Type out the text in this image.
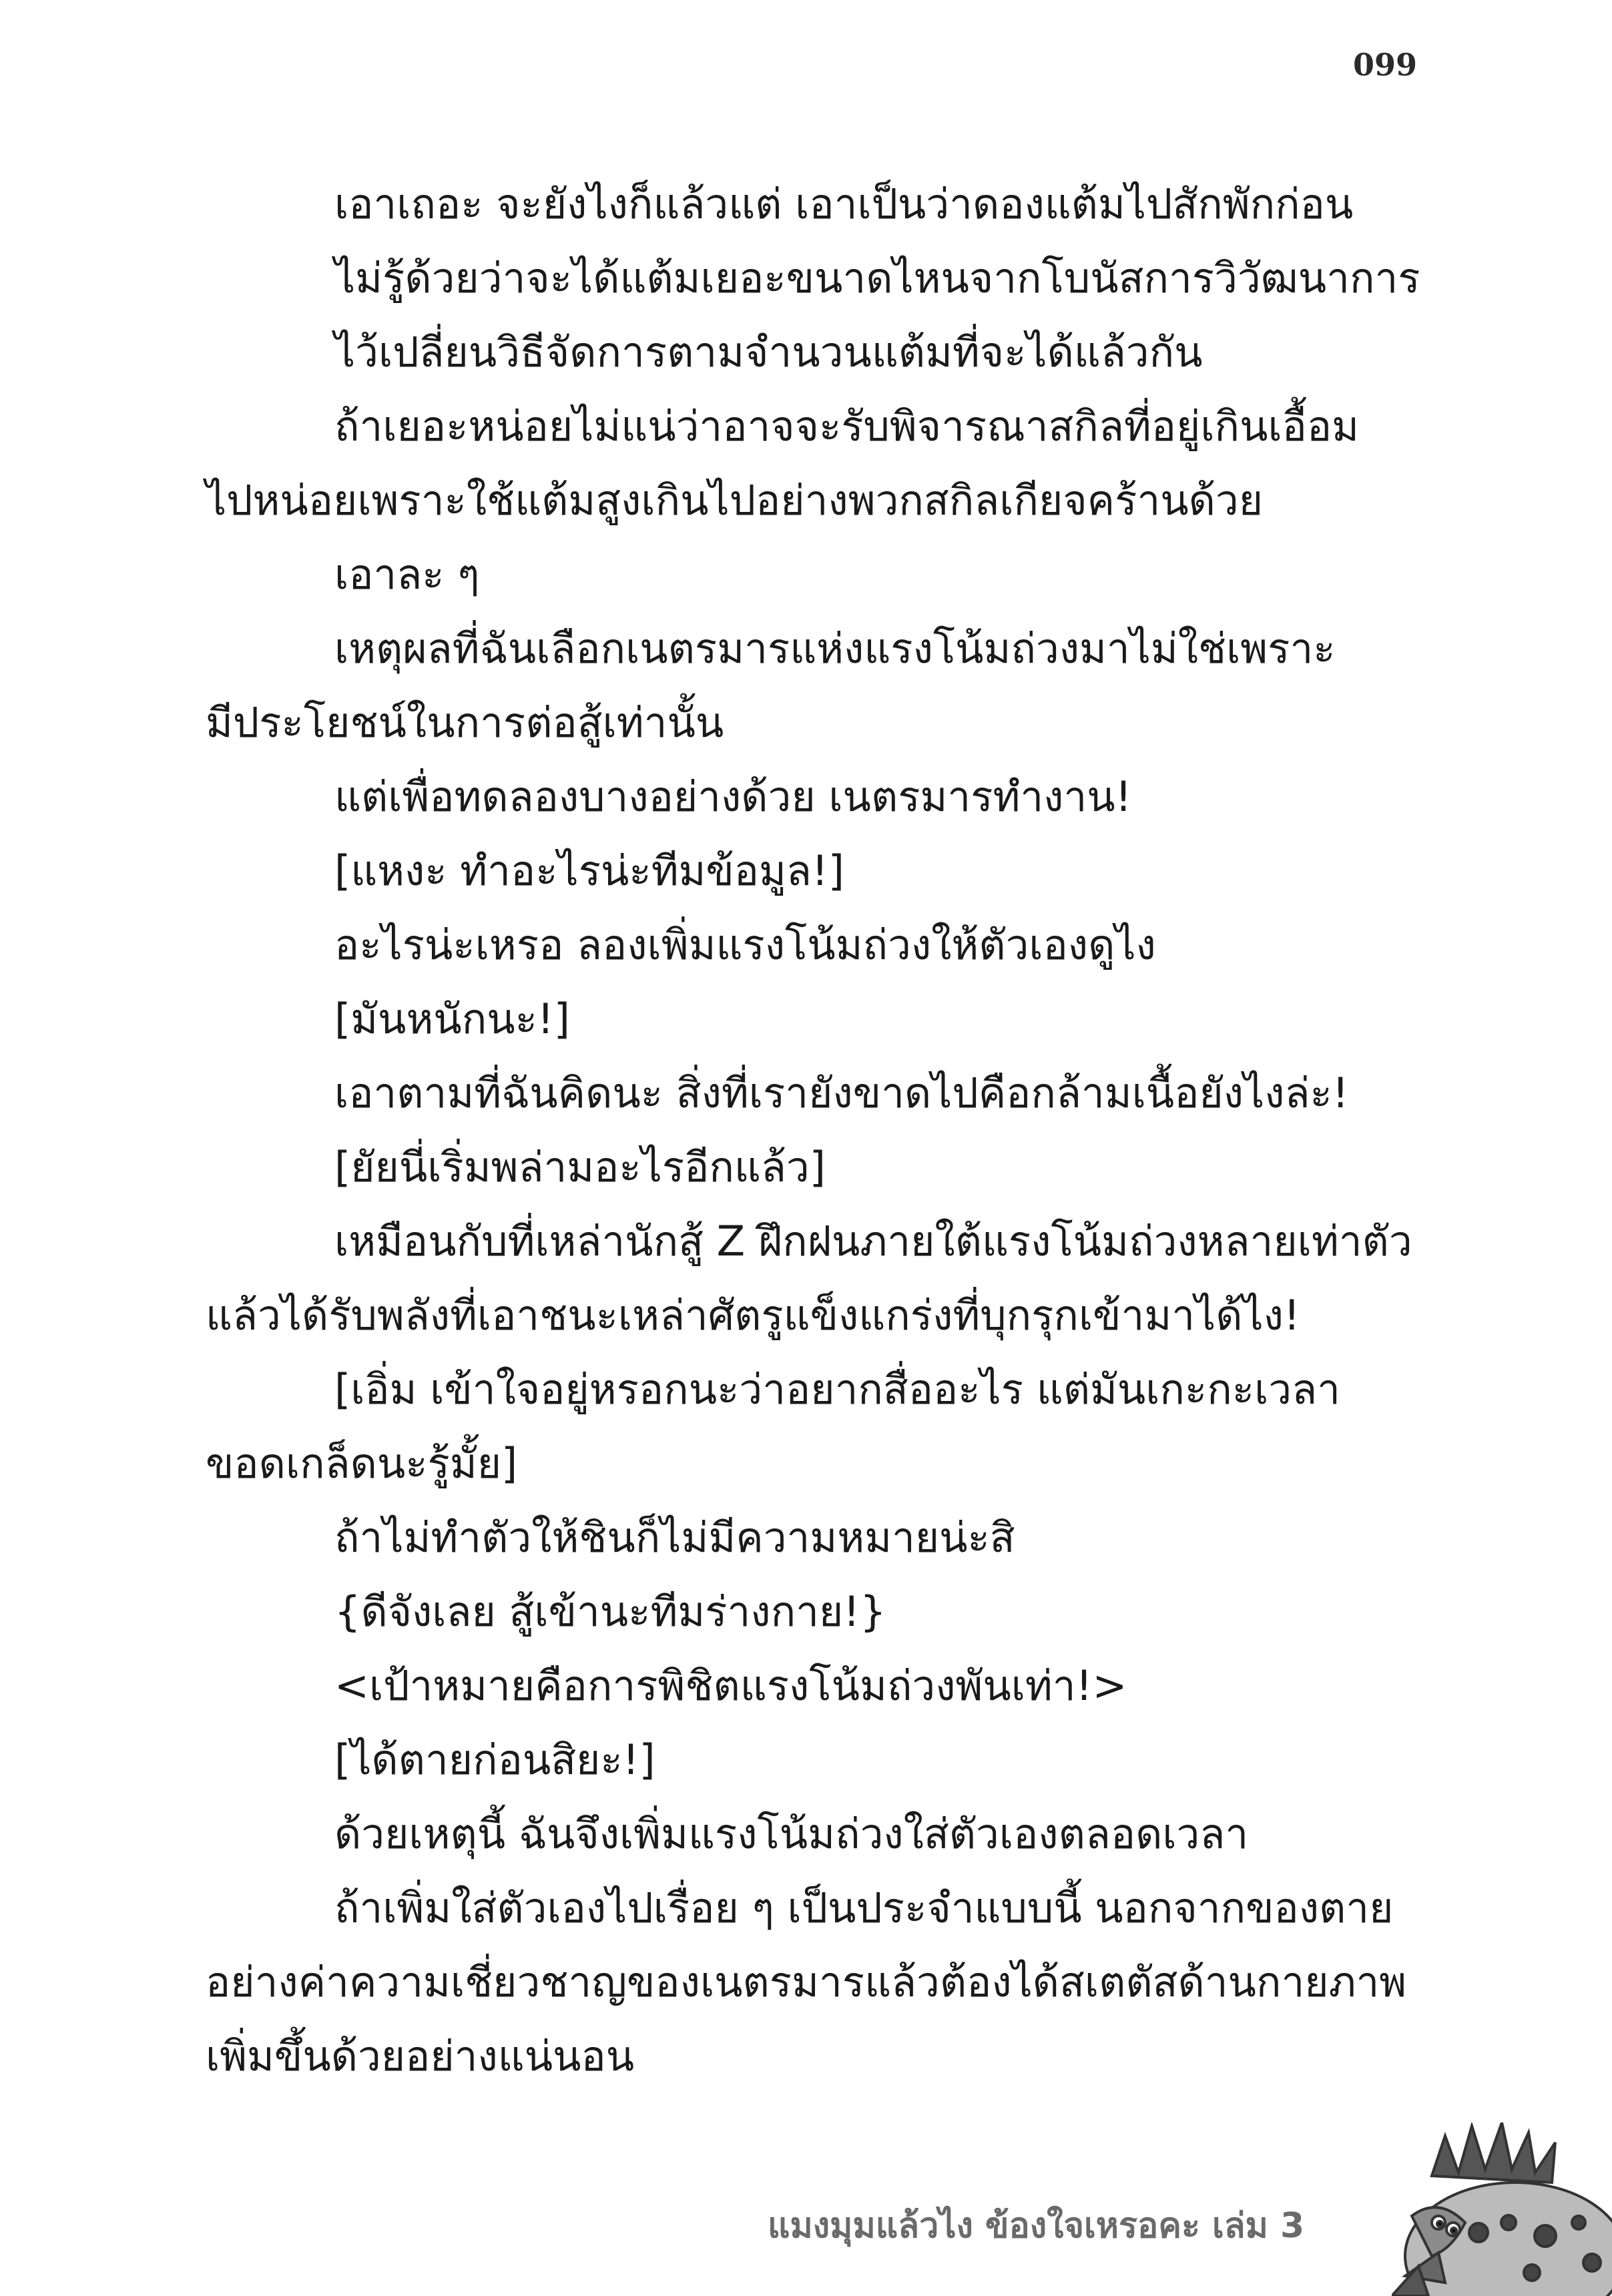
099
เอาเถอะ จะยังไงก็แล้วแต่ เอาเป็นว่าดองแต้มไปสักพักก่อน
ไม่รู้ด้วยว่าจะได้แต้มเยอะขนาดไหนจากโบนัสการวิวัฒนาการ
ไว้เปลี่ยนวิธีจัดการตามจำนวนแต้มที่จะได้แล้วกัน
ถ้าเยอะหน่อยไม่แน่ว่าอาจจะรับพิจารณาสกิลที่อยู่เกินเอื้อม
ไปหน่อยเพราะใช้แต้มสูงเกินไปอย่างพวกสกิลเกียจคร้านด้วย
เอาละ ๆ
เหตุผลที่ฉันเลือกเนตรมารแห่งแรงโน้มถ่วงมาไม่ใช่เพราะ
มีประโยชน์ในการต่อสู้เท่านั้น
แต่เพื่อทดลองบางอย่างด้วย เนตรมารทำงาน!
[แหงะ ทำอะไรน่ะทีมข้อมูล!]
อะไรน่ะเหรอ ลองเพิ่มแรงโน้มถ่วงให้ตัวเองดูไง
[มันหนักนะ!]
เอาตามที่ฉันคิดนะ สิ่งที่เรายังขาดไปคือกล้ามเนื้อยังไงล่ะ!
[ยัยนี่เริ่มพล่ามอะไรอีกแล้ว]
เหมือนกับที่เหล่านักสู้ Z ฝึกฝนภายใต้แรงโน้มถ่วงหลายเท่าตัว
แล้วได้รับพลังที่เอาชนะเหล่าศัตรูแข็งแกร่งที่บุกรุกเข้ามาได้ไง!
[เอิ่ม เข้าใจอยู่หรอกนะว่าอยากสื่ออะไร แต่มันเกะกะเวลา
ขอดเกล็ดนะรู้มั้ย]
ถ้าไม่ทำตัวให้ชินก็ไม่มีความหมายน่ะสิ
{ดีจังเลย สู้เข้านะทีมร่างกาย!}
<เป้าหมายคือการพิชิตแรงโน้มถ่วงพันเท่า!>
[ได้ตายก่อนสิยะ!]
ด้วยเหตุนี้ ฉันจึงเพิ่มแรงโน้มถ่วงใส่ตัวเองตลอดเวลา
ถ้าเพิ่มใส่ตัวเองไปเรื่อย ๆ เป็นประจำแบบนี้ นอกจากของตาย
อย่างค่าความเชี่ยวชาญของเนตรมารแล้วต้องได้สเตตัสด้านกายภาพ
เพิ่มขึ้นด้วยอย่างแน่นอน
แมงมุมแล้วไง ข้องใจเหรอคะ เล่ม 3
